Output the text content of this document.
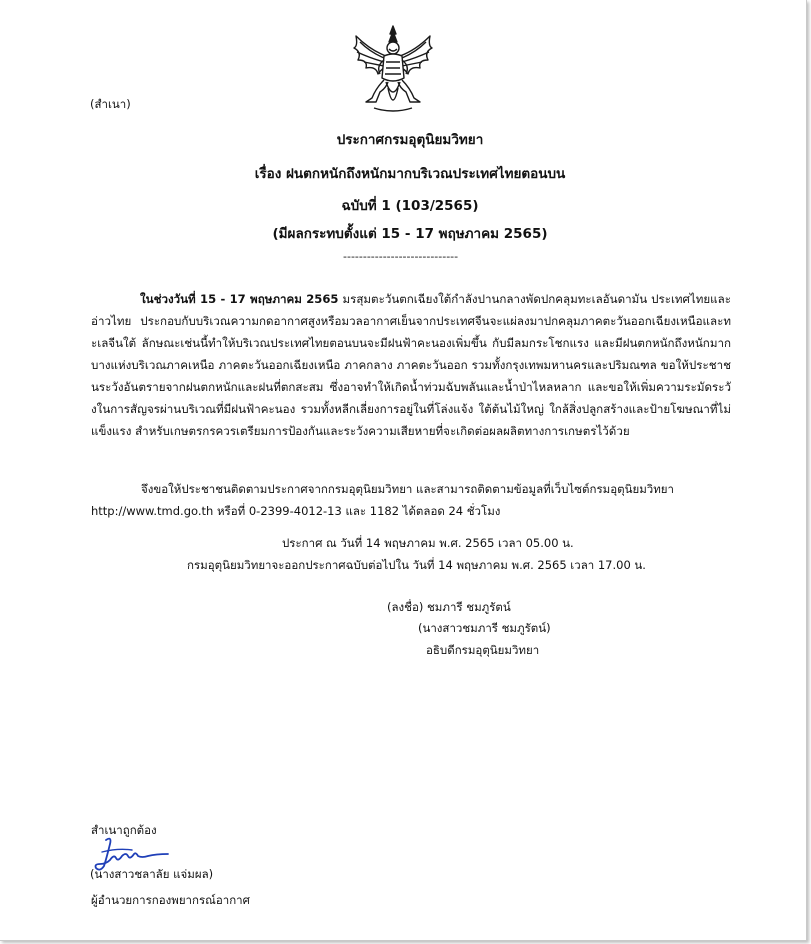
(สำเนา)
ประกาศกรมอุตุนิยมวิทยา
เรื่อง ฝนตกหนักถึงหนักมากบริเวณประเทศไทยตอนบน
ฉบับที่ 1 (103/2565)
(มีผลกระทบตั้งแต่ 15 - 17 พฤษภาคม 2565)
-----------------------------
ในช่วงวันที่ 15 - 17 พฤษภาคม 2565 มรสุมตะวันตกเฉียงใต้กำลังปานกลางพัดปกคลุมทะเลอันดามัน ประเทศไทยและอ่าวไทย ประกอบกับบริเวณความกดอากาศสูงหรือมวลอากาศเย็นจากประเทศจีนจะแผ่ลงมาปกคลุมภาคตะวันออกเฉียงเหนือและทะเลจีนใต้ ลักษณะเช่นนี้ทำให้บริเวณประเทศไทยตอนบนจะมีฝนฟ้าคะนองเพิ่มขึ้น กับมีลมกระโชกแรง และมีฝนตกหนักถึงหนักมากบางแห่งบริเวณภาคเหนือ ภาคตะวันออกเฉียงเหนือ ภาคกลาง ภาคตะวันออก รวมทั้งกรุงเทพมหานครและปริมณฑล ขอให้ประชาชนระวังอันตรายจากฝนตกหนักและฝนที่ตกสะสม ซึ่งอาจทำให้เกิดน้ำท่วมฉับพลันและน้ำป่าไหลหลาก และขอให้เพิ่มความระมัดระวังในการสัญจรผ่านบริเวณที่มีฝนฟ้าคะนอง รวมทั้งหลีกเลี่ยงการอยู่ในที่โล่งแจ้ง ใต้ต้นไม้ใหญ่ ใกล้สิ่งปลูกสร้างและป้ายโฆษณาที่ไม่แข็งแรง สำหรับเกษตรกรควรเตรียมการป้องกันและระวังความเสียหายที่จะเกิดต่อผลผลิตทางการเกษตรไว้ด้วย
จึงขอให้ประชาชนติดตามประกาศจากกรมอุตุนิยมวิทยา และสามารถติดตามข้อมูลที่เว็บไซต์กรมอุตุนิยมวิทยา
http://www.tmd.go.th หรือที่ 0-2399-4012-13 และ 1182 ได้ตลอด 24 ชั่วโมง
ประกาศ ณ วันที่ 14 พฤษภาคม พ.ศ. 2565 เวลา 05.00 น.
กรมอุตุนิยมวิทยาจะออกประกาศฉบับต่อไปใน วันที่ 14 พฤษภาคม พ.ศ. 2565 เวลา 17.00 น.
(ลงชื่อ) ชมภารี ชมภูรัตน์
(นางสาวชมภารี ชมภูรัตน์)
อธิบดีกรมอุตุนิยมวิทยา
สำเนาถูกต้อง
(นางสาวชลาลัย แจ่มผล)
ผู้อำนวยการกองพยากรณ์อากาศ
